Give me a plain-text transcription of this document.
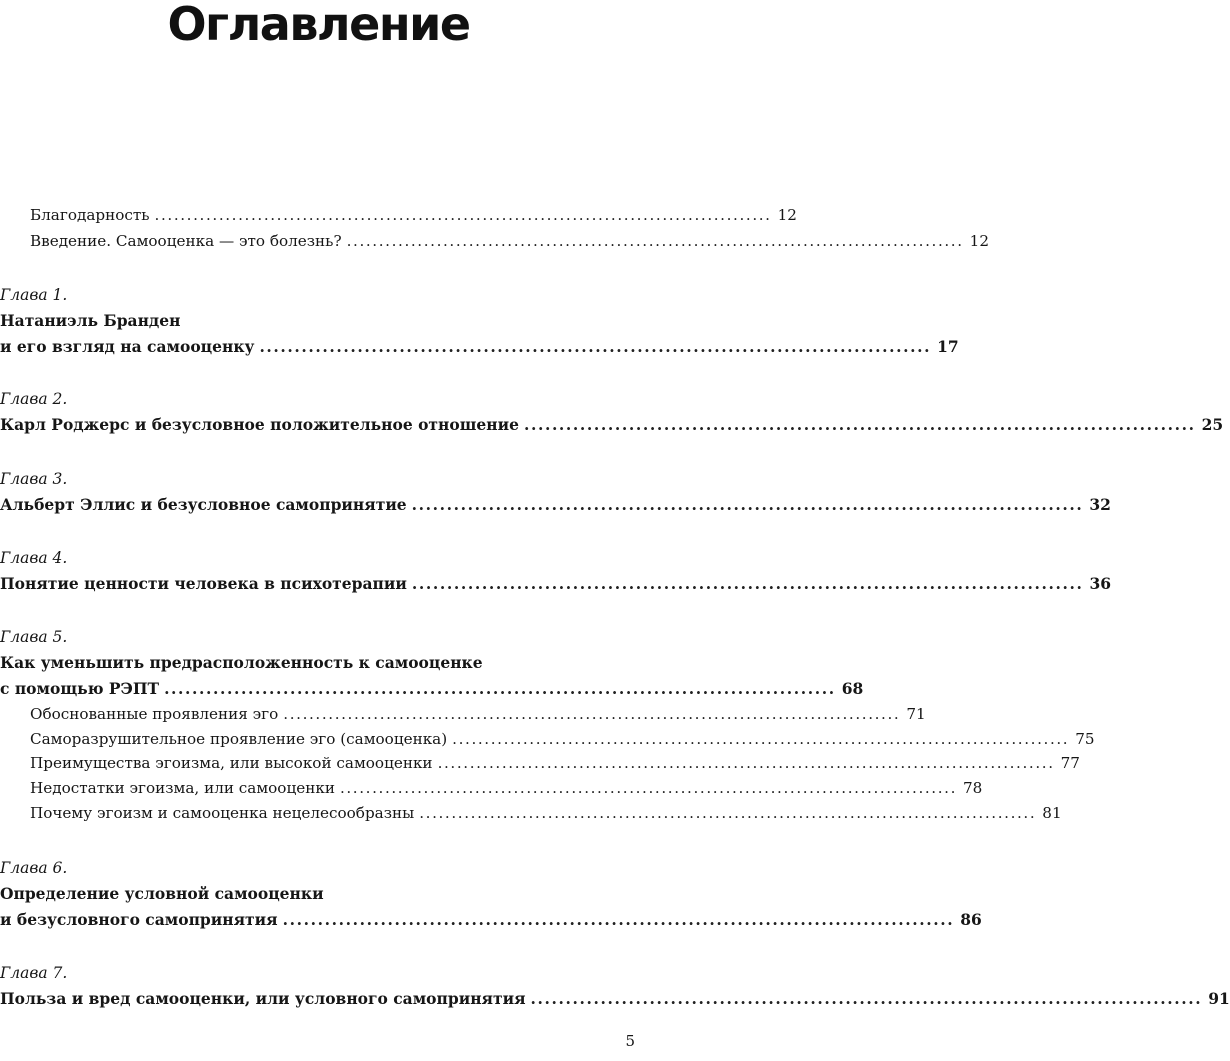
Оглавление
Благодарность ................................................................................................ 12
Введение. Самооценка — это болезнь? ................................................................................................ 12
Глава 1.
Натаниэль Бранден
и его взгляд на самооценку ................................................................................................ 17
Глава 2.
Карл Роджерс и безусловное положительное отношение ................................................................................................ 25
Глава 3.
Альберт Эллис и безусловное самопринятие ................................................................................................ 32
Глава 4.
Понятие ценности человека в психотерапии ................................................................................................ 36
Глава 5.
Как уменьшить предрасположенность к самооценке
с помощью РЭПТ ................................................................................................ 68
Обоснованные проявления эго ................................................................................................ 71
Саморазрушительное проявление эго (самооценка) ................................................................................................ 75
Преимущества эгоизма, или высокой самооценки ................................................................................................ 77
Недостатки эгоизма, или самооценки ................................................................................................ 78
Почему эгоизм и самооценка нецелесообразны ................................................................................................ 81
Глава 6.
Определение условной самооценки
и безусловного самопринятия ................................................................................................ 86
Глава 7.
Польза и вред самооценки, или условного самопринятия ................................................................................................ 91
5
